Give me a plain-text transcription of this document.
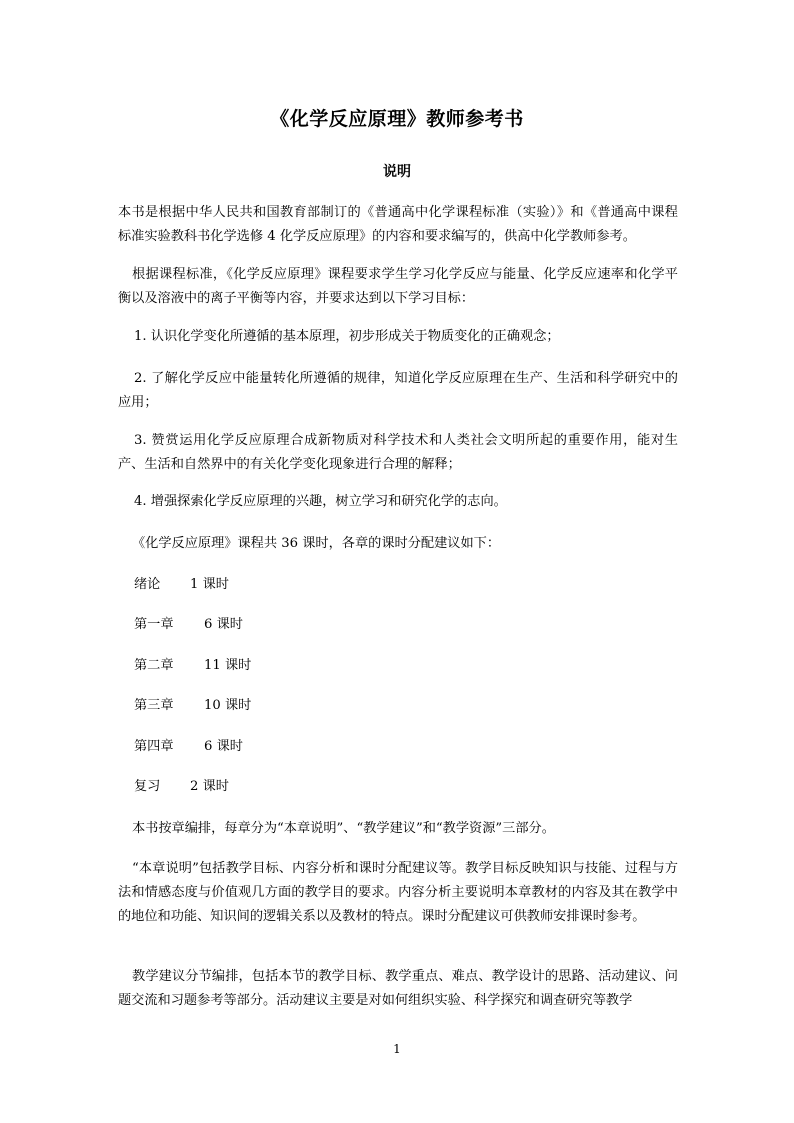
《化学反应原理》教师参考书
说明
本书是根据中华人民共和国教育部制订的《普通高中化学课程标准（实验）》和《普通高中课程标准实验教科书化学选修 4 化学反应原理》的内容和要求编写的，供高中化学教师参考。
根据课程标准，《化学反应原理》课程要求学生学习化学反应与能量、化学反应速率和化学平衡以及溶液中的离子平衡等内容，并要求达到以下学习目标：
1. 认识化学变化所遵循的基本原理，初步形成关于物质变化的正确观念；
2. 了解化学反应中能量转化所遵循的规律，知道化学反应原理在生产、生活和科学研究中的应用；
3. 赞赏运用化学反应原理合成新物质对科学技术和人类社会文明所起的重要作用，能对生产、生活和自然界中的有关化学变化现象进行合理的解释；
4. 增强探索化学反应原理的兴趣，树立学习和研究化学的志向。
《化学反应原理》课程共 36 课时，各章的课时分配建议如下：
绪论 1 课时
第一章 6 课时
第二章 11 课时
第三章 10 课时
第四章 6 课时
复习 2 课时
本书按章编排，每章分为“本章说明”、“教学建议”和“教学资源”三部分。
“本章说明”包括教学目标、内容分析和课时分配建议等。教学目标反映知识与技能、过程与方法和情感态度与价值观几方面的教学目的要求。内容分析主要说明本章教材的内容及其在教学中的地位和功能、知识间的逻辑关系以及教材的特点。课时分配建议可供教师安排课时参考。
教学建议分节编排，包括本节的教学目标、教学重点、难点、教学设计的思路、活动建议、问题交流和习题参考等部分。活动建议主要是对如何组织实验、科学探究和调查研究等教学
1
